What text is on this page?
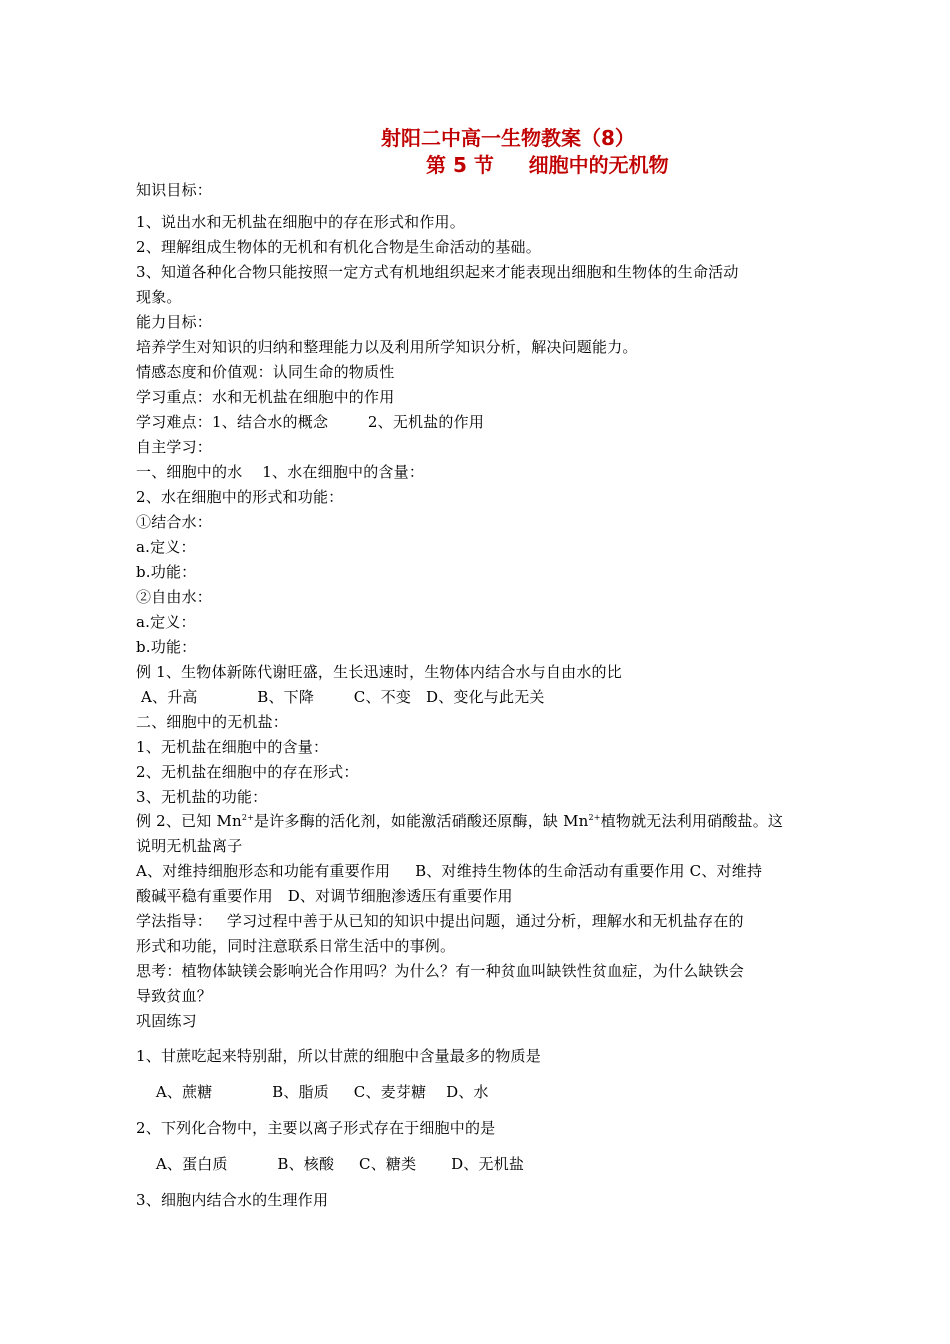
射阳二中高一生物教案（8）
第 5 节     细胞中的无机物
知识目标：
1、说出水和无机盐在细胞中的存在形式和作用。
2、理解组成生物体的无机和有机化合物是生命活动的基础。
3、知道各种化合物只能按照一定方式有机地组织起来才能表现出细胞和生物体的生命活动
现象。
能力目标：
培养学生对知识的归纳和整理能力以及利用所学知识分析，解决问题能力。
情感态度和价值观：认同生命的物质性
学习重点：水和无机盐在细胞中的作用
学习难点：1、结合水的概念        2、无机盐的作用
自主学习：
一、细胞中的水    1、水在细胞中的含量：
2、水在细胞中的形式和功能：
①结合水：
a.定义：
b.功能：
②自由水：
a.定义：
b.功能：
例 1、生物体新陈代谢旺盛，生长迅速时，生物体内结合水与自由水的比
A、升高            B、下降        C、不变   D、变化与此无关
二、细胞中的无机盐：
1、无机盐在细胞中的含量：
2、无机盐在细胞中的存在形式：
3、无机盐的功能：
例 2、已知 $Mn^{2+}$是许多酶的活化剂，如能激活硝酸还原酶，缺 $Mn^{2+}$植物就无法利用硝酸盐。这
说明无机盐离子
A、对维持细胞形态和功能有重要作用     B、对维持生物体的生命活动有重要作用 C、对维持
酸碱平稳有重要作用   D、对调节细胞渗透压有重要作用
学法指导：   学习过程中善于从已知的知识中提出问题，通过分析，理解水和无机盐存在的
形式和功能，同时注意联系日常生活中的事例。
思考：植物体缺镁会影响光合作用吗？为什么？有一种贫血叫缺铁性贫血症，为什么缺铁会
导致贫血？
巩固练习
1、甘蔗吃起来特别甜，所以甘蔗的细胞中含量最多的物质是
A、蔗糖            B、脂质     C、麦芽糖    D、水
2、下列化合物中，主要以离子形式存在于细胞中的是
A、蛋白质          B、核酸     C、糖类       D、无机盐
3、细胞内结合水的生理作用
